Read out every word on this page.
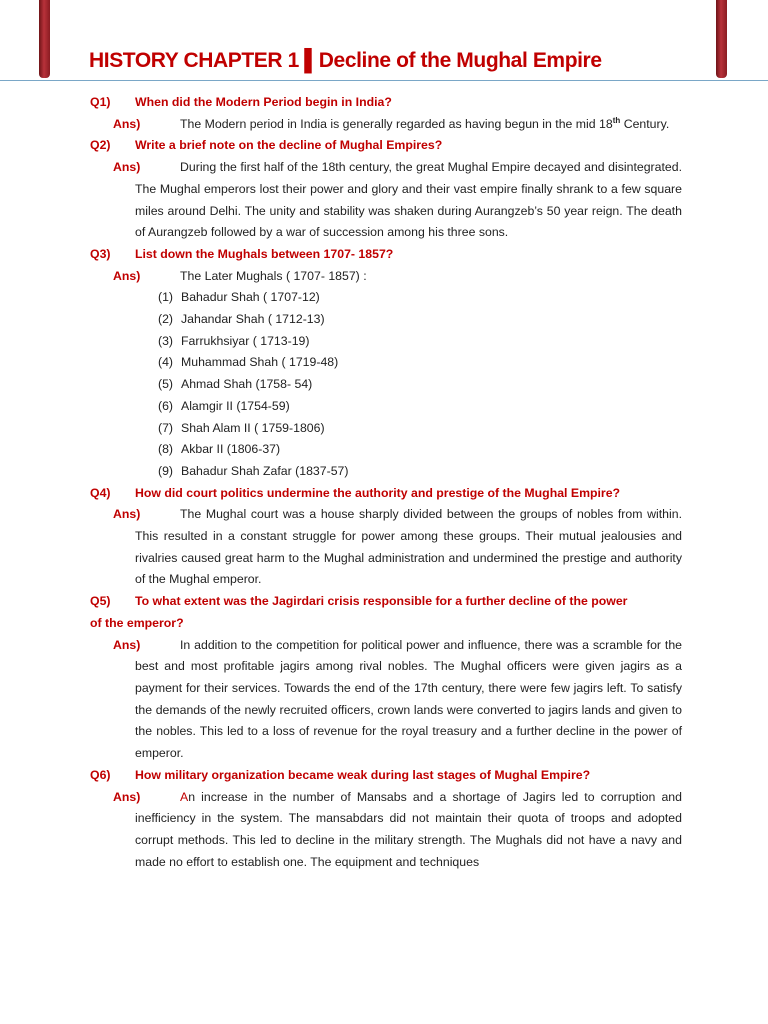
HISTORY CHAPTER 1 ▌Decline of the Mughal Empire
Q1)	When did the Modern Period begin in India?
Ans)	The Modern period in India is generally regarded as having begun in the mid 18th Century.
Q2)	Write a brief note on the decline of Mughal Empires?
Ans)	During the first half of the 18th century, the great Mughal Empire decayed and disintegrated. The Mughal emperors lost their power and glory and their vast empire finally shrank to a few square miles around Delhi. The unity and stability was shaken during Aurangzeb’s 50 year reign. The death of Aurangzeb followed by a war of succession among his three sons.
Q3)	List down the Mughals between 1707- 1857?
Ans)	The Later Mughals ( 1707- 1857) :
(1) Bahadur Shah ( 1707-12)
(2) Jahandar Shah ( 1712-13)
(3) Farrukhsiyar ( 1713-19)
(4) Muhammad Shah ( 1719-48)
(5) Ahmad Shah (1758- 54)
(6) Alamgir II (1754-59)
(7) Shah Alam II ( 1759-1806)
(8) Akbar II (1806-37)
(9) Bahadur Shah Zafar (1837-57)
Q4)	How did court politics undermine the authority and prestige of the Mughal Empire?
Ans)	The Mughal court was a house sharply divided between the groups of nobles from within. This resulted in a constant struggle for power among these groups. Their mutual jealousies and rivalries caused great harm to the Mughal administration and undermined the prestige and authority of the Mughal emperor.
Q5)	To what extent was the Jagirdari crisis responsible for a further decline of the power
of the emperor?
Ans)	In addition to the competition for political power and influence, there was a scramble for the best and most profitable jagirs among rival nobles. The Mughal officers were given jagirs as a payment for their services. Towards the end of the 17th century, there were few jagirs left. To satisfy the demands of the newly recruited officers, crown lands were converted to jagirs lands and given to the nobles. This led to a loss of revenue for the royal treasury and a further decline in the power of emperor.
Q6)	How military organization became weak during last stages of Mughal Empire?
Ans)	An increase in the number of Mansabs and a shortage of Jagirs led to corruption and inefficiency in the system. The mansabdars did not maintain their quota of troops and adopted corrupt methods. This led to decline in the military strength. The Mughals did not have a navy and made no effort to establish one. The equipment and techniques
